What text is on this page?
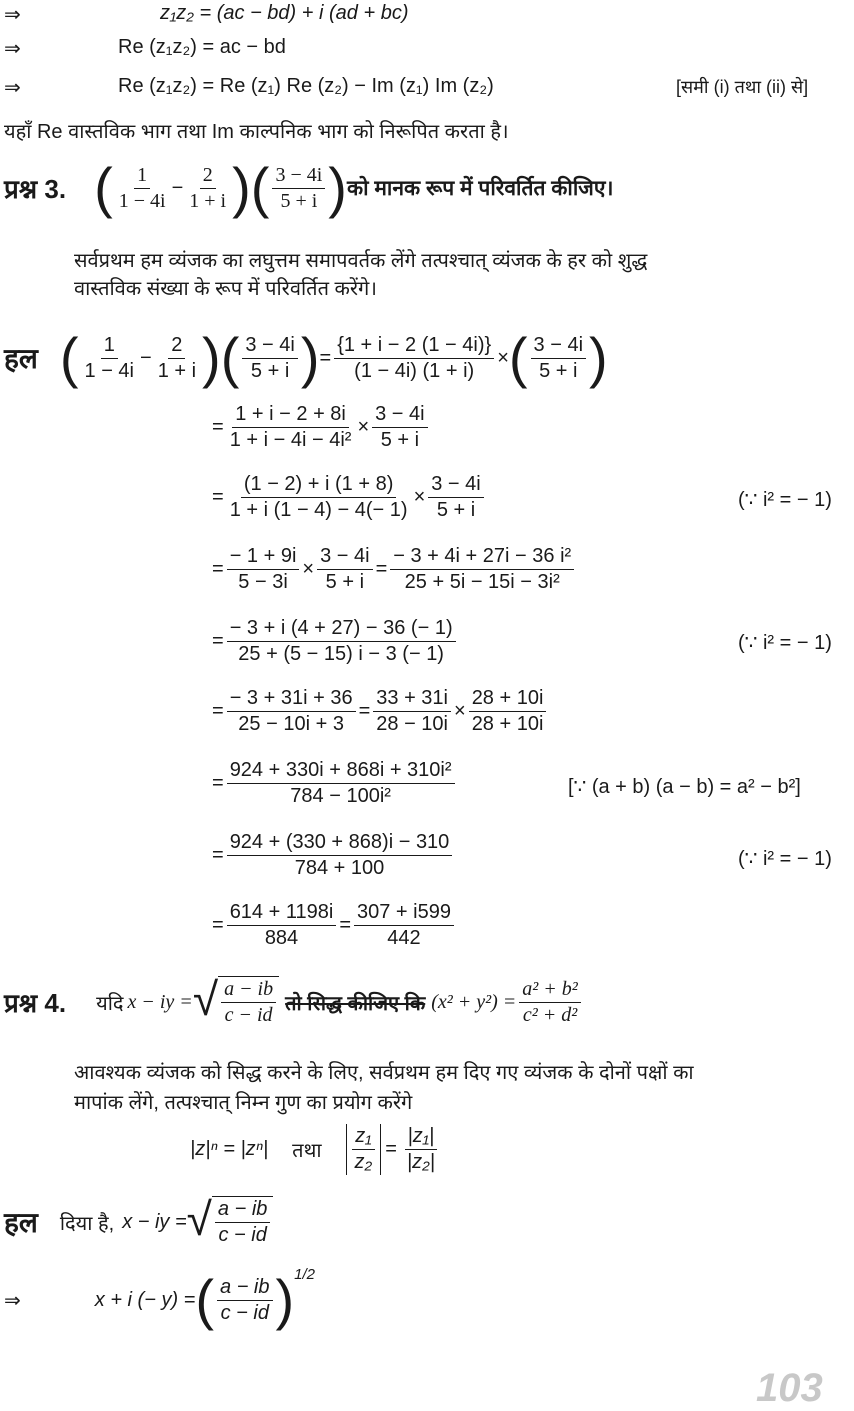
⇒	z₁z₂ = (ac − bd) + i (ad + bc)
⇒	Re (z₁z₂) = ac − bd
⇒	Re (z₁z₂) = Re (z₁) Re (z₂) − Im (z₁) Im (z₂)	[समी (i) तथा (ii) से]
यहाँ Re वास्तविक भाग तथा Im काल्पनिक भाग को निरूपित करता है।
प्रश्न 3. ( $\frac{1}{1 - 4i} - \frac{2}{1 + i}$ ) ( $\frac{3 - 4i}{5 + i}$ ) को मानक रूप में परिवर्तित कीजिए।
सर्वप्रथम हम व्यंजक का लघुत्तम समापवर्तक लेंगे तत्पश्चात् व्यंजक के हर को शुद्ध
वास्तविक संख्या के रूप में परिवर्तित करेंगे।
हल ( $\frac{1}{1 - 4i} - \frac{2}{1 + i}$ ) ( $\frac{3 - 4i}{5 + i}$ ) = $\frac{\{1 + i - 2 (1 - 4i)\}}{(1 - 4i) (1 + i)}$ × ( $\frac{3 - 4i}{5 + i}$ )
= $\frac{1 + i - 2 + 8i}{\text{1 + i − 4i − 4i²}} \times \frac{3 - 4i}{5 + i}$
= $\frac{(1 - 2) + i (1 + 8)}{1 + i (1 - 4) - 4(- 1)} \times \frac{3 - 4i}{5 + i}$	(∵ i² = − 1)
= $\frac{- 1 + 9i}{5 - 3i} \times \frac{3 - 4i}{5 + i} = \frac{\text{− 3 + 4i + 27i − 36 i²}}{\text{25 + 5i − 15i − 3i²}}$
= $\frac{- 3 + i (4 + 27) - 36 (- 1)}{25 + (5 - 15) i - 3 (- 1)}$	(∵ i² = − 1)
= $\frac{- 3 + 31i + 36}{25 - 10i + 3} = \frac{33 + 31i}{28 - 10i} \times \frac{28 + 10i}{28 + 10i}$
= $\frac{\text{924 + 330i + 868i + 310i²}}{\text{784 − 100i²}}$	[∵ (a + b) (a − b) = a² − b²]
= $\frac{924 + (330 + 868)i - 310}{784 + 100}$	(∵ i² = − 1)
= $\frac{614 + 1198i}{884} = \frac{307 + i599}{442}$
प्रश्न 4. यदि x − iy = √ $\frac{a - ib}{c - id}$ तो सिद्ध कीजिए कि $(x^2 + y^2) = \frac{\text{a² + b²}}{\text{c² + d²}}$
आवश्यक व्यंजक को सिद्ध करने के लिए, सर्वप्रथम हम दिए गए व्यंजक के दोनों पक्षों का
मापांक लेंगे, तत्पश्चात् निम्न गुण का प्रयोग करेंगे
|z|ⁿ = |zⁿ| तथा $\frac{\text{z₁}}{\text{z₂}} = \frac{\text{|z₁|}}{\text{|z₂|}}$
हल दिया है, x − iy = √ $\frac{a - ib}{c - id}$
⇒	x + i (− y) = ( $\frac{a - ib}{c - id}$ ) 1/2
103
